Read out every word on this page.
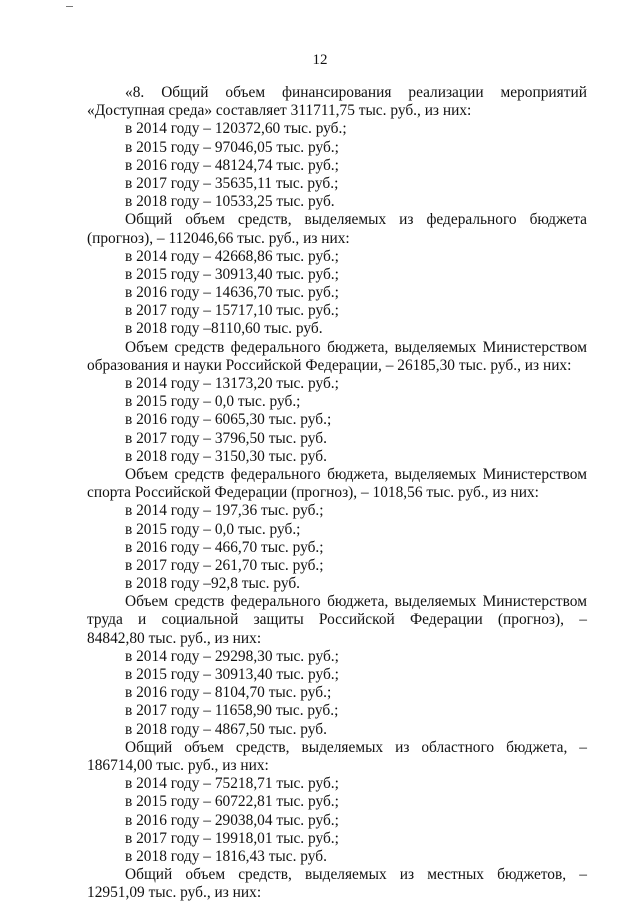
12
«8. Общий объем финансирования реализации мероприятий
«Доступная среда» составляет 311711,75 тыс. руб., из них:
в 2014 году – 120372,60 тыс. руб.;
в 2015 году – 97046,05 тыс. руб.;
в 2016 году – 48124,74 тыс. руб.;
в 2017 году – 35635,11 тыс. руб.;
в 2018 году – 10533,25 тыс. руб.
Общий объем средств, выделяемых из федерального бюджета
(прогноз), – 112046,66 тыс. руб., из них:
в 2014 году – 42668,86 тыс. руб.;
в 2015 году – 30913,40 тыс. руб.;
в 2016 году – 14636,70 тыс. руб.;
в 2017 году – 15717,10 тыс. руб.;
в 2018 году –8110,60 тыс. руб.
Объем средств федерального бюджета, выделяемых Министерством
образования и науки Российской Федерации, – 26185,30 тыс. руб., из них:
в 2014 году – 13173,20 тыс. руб.;
в 2015 году – 0,0 тыс. руб.;
в 2016 году – 6065,30 тыс. руб.;
в 2017 году – 3796,50 тыс. руб.
в 2018 году – 3150,30 тыс. руб.
Объем средств федерального бюджета, выделяемых Министерством
спорта Российской Федерации (прогноз), – 1018,56 тыс. руб., из них:
в 2014 году – 197,36 тыс. руб.;
в 2015 году – 0,0 тыс. руб.;
в 2016 году – 466,70 тыс. руб.;
в 2017 году – 261,70 тыс. руб.;
в 2018 году –92,8 тыс. руб.
Объем средств федерального бюджета, выделяемых Министерством
труда и социальной защиты Российской Федерации (прогноз), –
84842,80 тыс. руб., из них:
в 2014 году – 29298,30 тыс. руб.;
в 2015 году – 30913,40 тыс. руб.;
в 2016 году – 8104,70 тыс. руб.;
в 2017 году – 11658,90 тыс. руб.;
в 2018 году – 4867,50 тыс. руб.
Общий объем средств, выделяемых из областного бюджета, –
186714,00 тыс. руб., из них:
в 2014 году – 75218,71 тыс. руб.;
в 2015 году – 60722,81 тыс. руб.;
в 2016 году – 29038,04 тыс. руб.;
в 2017 году – 19918,01 тыс. руб.;
в 2018 году – 1816,43 тыс. руб.
Общий объем средств, выделяемых из местных бюджетов, –
12951,09 тыс. руб., из них:
